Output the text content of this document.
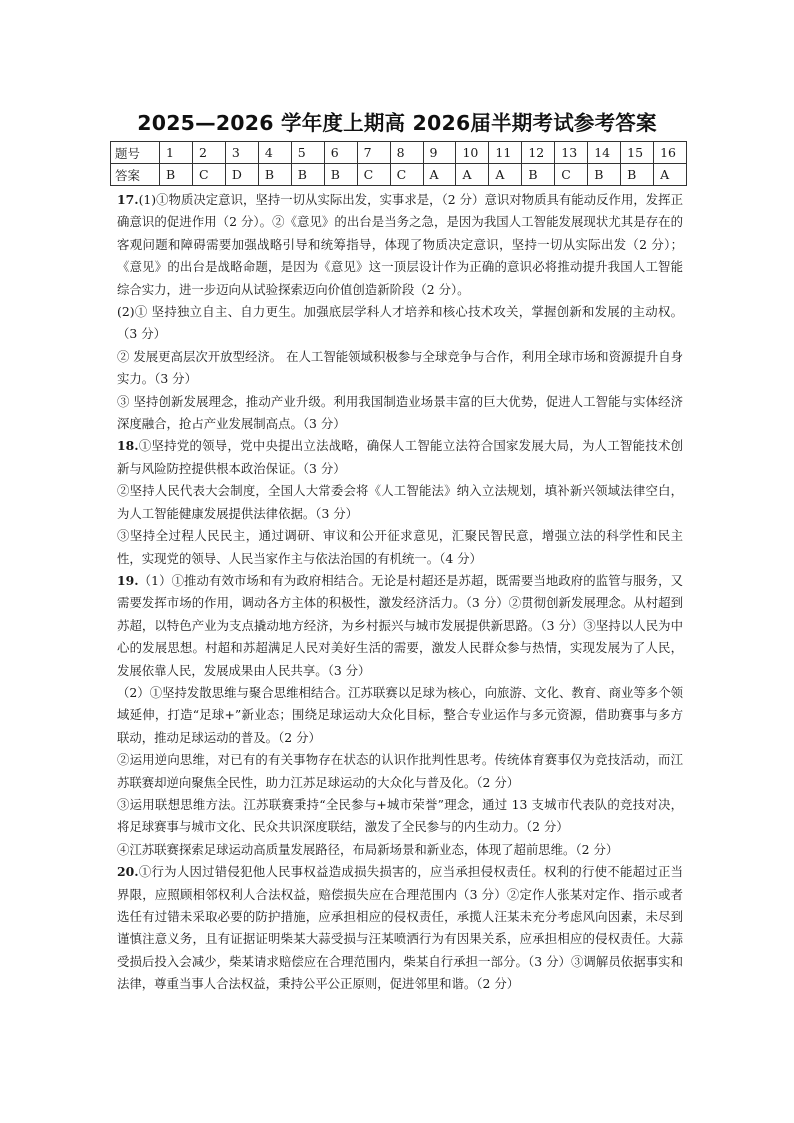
2025—2026 学年度上期高 2026届半期考试参考答案
题号	1	2	3	4	5	6	7	8	9	10	11	12	13	14	15	16
答案	B	C	D	B	B	B	C	C	A	A	A	B	C	B	B	A

17.(1)①物质决定意识，坚持一切从实际出发，实事求是，（2 分）意识对物质具有能动反作用，发挥正确意识的促进作用（2 分）。②《意见》的出台是当务之急，是因为我国人工智能发展现状尤其是存在的客观问题和障碍需要加强战略引导和统筹指导，体现了物质决定意识，坚持一切从实际出发（2 分）；《意见》的出台是战略命题，是因为《意见》这一顶层设计作为正确的意识必将推动提升我国人工智能综合实力，进一步迈向从试验探索迈向价值创造新阶段（2 分）。

(2)① 坚持独立自主、自力更生。加强底层学科人才培养和核心技术攻关，掌握创新和发展的主动权。（3 分）

② 发展更高层次开放型经济。 在人工智能领域积极参与全球竞争与合作，利用全球市场和资源提升自身实力。（3 分）

③ 坚持创新发展理念，推动产业升级。利用我国制造业场景丰富的巨大优势，促进人工智能与实体经济深度融合，抢占产业发展制高点。（3 分）

18.①坚持党的领导，党中央提出立法战略，确保人工智能立法符合国家发展大局，为人工智能技术创新与风险防控提供根本政治保证。（3 分）

②坚持人民代表大会制度，全国人大常委会将《人工智能法》纳入立法规划，填补新兴领域法律空白，为人工智能健康发展提供法律依据。（3 分）

③坚持全过程人民民主，通过调研、审议和公开征求意见，汇聚民智民意，增强立法的科学性和民主性，实现党的领导、人民当家作主与依法治国的有机统一。（4 分）

19.（1）①推动有效市场和有为政府相结合。无论是村超还是苏超，既需要当地政府的监管与服务，又需要发挥市场的作用，调动各方主体的积极性，激发经济活力。（3 分）②贯彻创新发展理念。从村超到苏超，以特色产业为支点撬动地方经济，为乡村振兴与城市发展提供新思路。（3 分）③坚持以人民为中心的发展思想。村超和苏超满足人民对美好生活的需要，激发人民群众参与热情，实现发展为了人民，发展依靠人民，发展成果由人民共享。（3 分）

（2）①坚持发散思维与聚合思维相结合。江苏联赛以足球为核心，向旅游、文化、教育、商业等多个领域延伸，打造“足球+”新业态；围绕足球运动大众化目标，整合专业运作与多元资源，借助赛事与多方联动，推动足球运动的普及。（2 分）

②运用逆向思维，对已有的有关事物存在状态的认识作批判性思考。传统体育赛事仅为竞技活动，而江苏联赛却逆向聚焦全民性，助力江苏足球运动的大众化与普及化。（2 分）

③运用联想思维方法。江苏联赛秉持“全民参与+城市荣誉”理念，通过 13 支城市代表队的竞技对决，将足球赛事与城市文化、民众共识深度联结，激发了全民参与的内生动力。（2 分）

④江苏联赛探索足球运动高质量发展路径，布局新场景和新业态，体现了超前思维。（2 分）

20.①行为人因过错侵犯他人民事权益造成损失损害的，应当承担侵权责任。权利的行使不能超过正当界限，应照顾相邻权利人合法权益，赔偿损失应在合理范围内（3 分）②定作人张某对定作、指示或者选任有过错未采取必要的防护措施，应承担相应的侵权责任，承揽人汪某未充分考虑风向因素，未尽到谨慎注意义务，且有证据证明柴某大蒜受损与汪某喷洒行为有因果关系，应承担相应的侵权责任。大蒜受损后投入会减少，柴某请求赔偿应在合理范围内，柴某自行承担一部分。（3 分）③调解员依据事实和法律，尊重当事人合法权益，秉持公平公正原则，促进邻里和谐。（2 分）
